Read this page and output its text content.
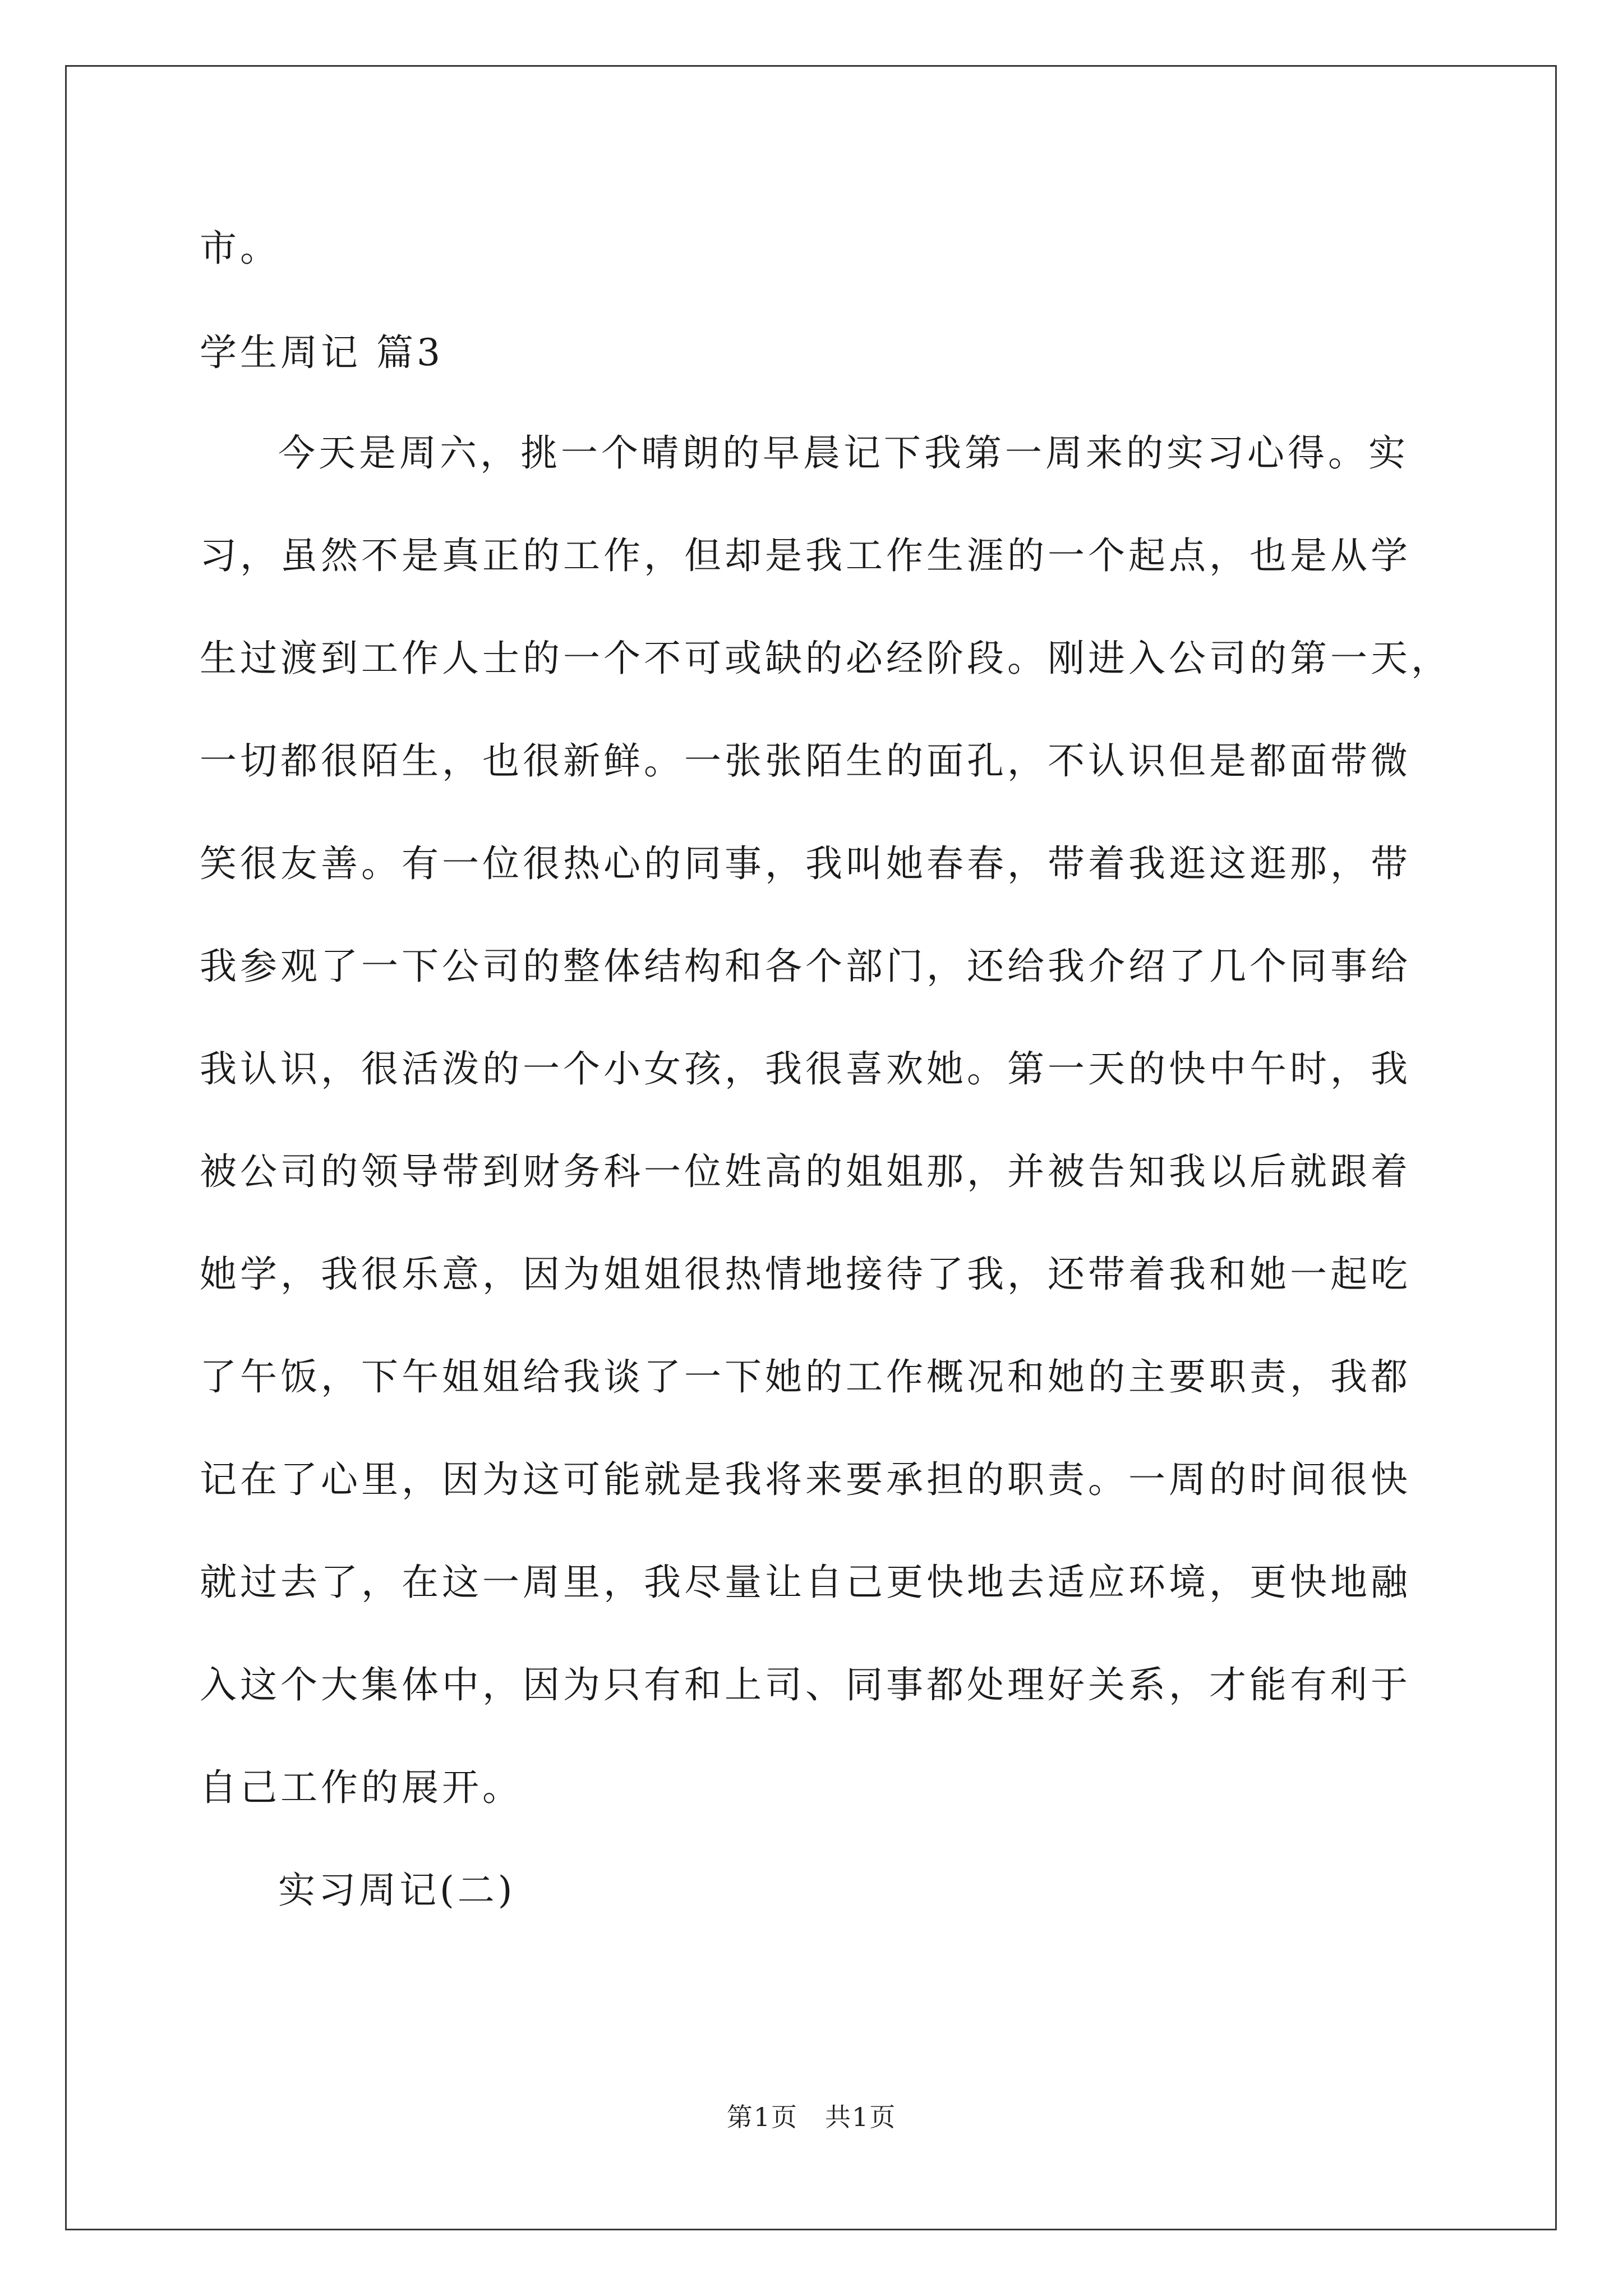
市。
学生周记 篇3
今天是周六，挑一个晴朗的早晨记下我第一周来的实习心得。实
习，虽然不是真正的工作，但却是我工作生涯的一个起点，也是从学
生过渡到工作人士的一个不可或缺的必经阶段。刚进入公司的第一天，
一切都很陌生，也很新鲜。一张张陌生的面孔，不认识但是都面带微
笑很友善。有一位很热心的同事，我叫她春春，带着我逛这逛那，带
我参观了一下公司的整体结构和各个部门，还给我介绍了几个同事给
我认识，很活泼的一个小女孩，我很喜欢她。第一天的快中午时，我
被公司的领导带到财务科一位姓高的姐姐那，并被告知我以后就跟着
她学，我很乐意，因为姐姐很热情地接待了我，还带着我和她一起吃
了午饭，下午姐姐给我谈了一下她的工作概况和她的主要职责，我都
记在了心里，因为这可能就是我将来要承担的职责。一周的时间很快
就过去了，在这一周里，我尽量让自己更快地去适应环境，更快地融
入这个大集体中，因为只有和上司、同事都处理好关系，才能有利于
自己工作的展开。
实习周记(二)
第1页　共1页
